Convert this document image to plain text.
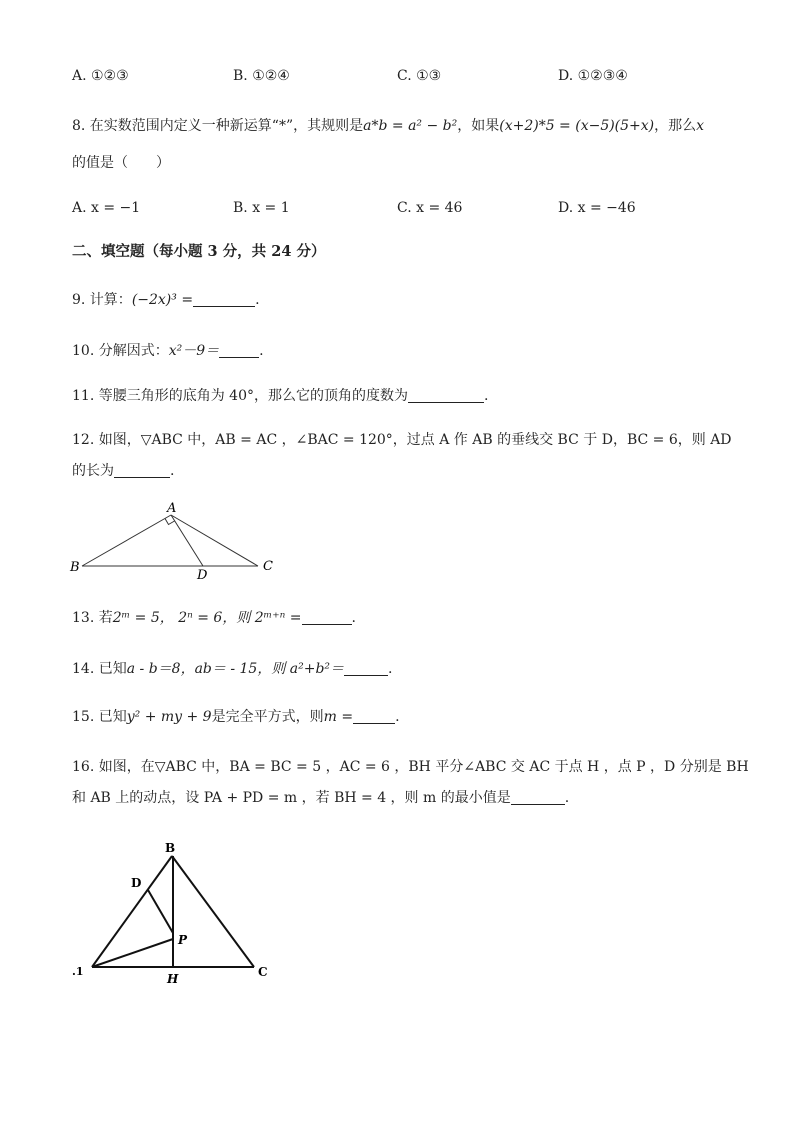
A. ①②③	B. ①②④	C. ①③	D. ①②③④
8. 在实数范围内定义一种新运算“*”，其规则是a*b = a² − b²，如果(x+2)*5 = (x−5)(5+x)，那么x
的值是（　　）
A. x = −1	B. x = 1	C. x = 46	D. x = −46
二、填空题（每小题 3 分，共 24 分）
9. 计算：(−2x)³ =	.
10. 分解因式：x²－9＝	.
11. 等腰三角形的底角为 40°，那么它的顶角的度数为	.
12. 如图，▽ABC 中，AB = AC ，∠BAC = 120°，过点 A 作 AB 的垂线交 BC 于 D，BC = 6，则 AD
的长为	.
A
B	C
D
13. 若2ᵐ = 5， 2ⁿ = 6，则 2ᵐ⁺ⁿ =	.
14. 已知a - b＝8，ab＝ - 15，则 a²+b²＝	.
15. 已知y² + my + 9是完全平方式，则m =	.
16. 如图，在▽ABC 中，BA = BC = 5 ，AC = 6 ，BH 平分∠ABC 交 AC 于点 H ，点 P ，D 分别是 BH
和 AB 上的动点，设 PA + PD = m ，若 BH = 4 ，则 m 的最小值是	.
B
D
P
.1
H	C
